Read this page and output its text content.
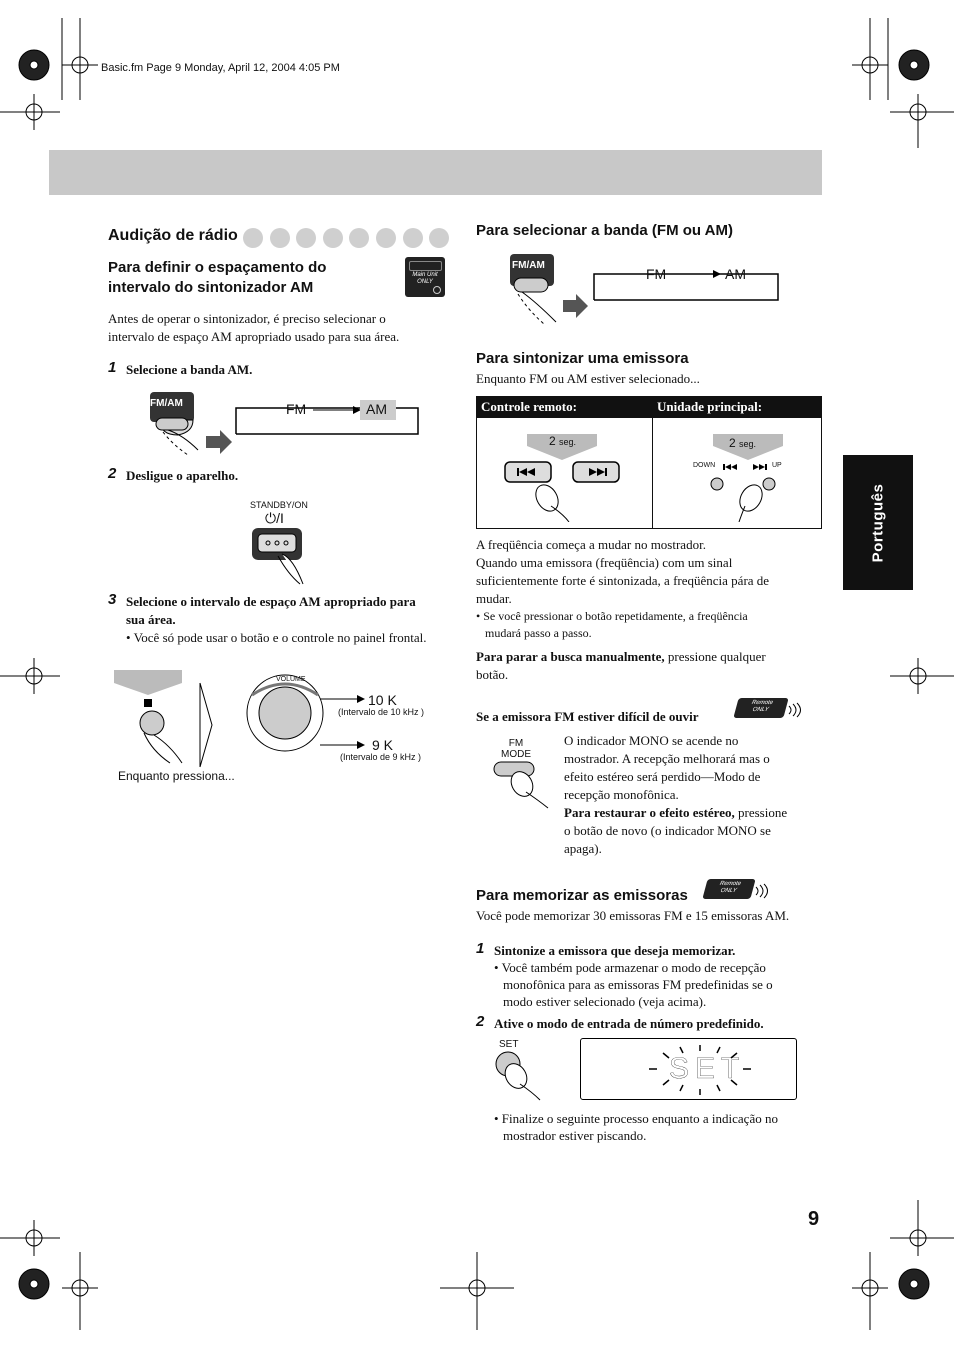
Basic.fm Page 9 Monday, April 12, 2004 4:05 PM
Português
Audição de rádio
Para definir o espaçamento do
intervalo do sintonizador AM
Main Unit
ONLY
Antes de operar o sintonizador, é preciso selecionar o
intervalo de espaço AM apropriado usado para sua área.
1 Selecione a banda AM.
FM/AM	FM	AM
2 Desligue o aparelho.
STANDBY/ON
⏻/I
3 Selecione o intervalo de espaço AM apropriado para
sua área.
• Você só pode usar o botão e o controle no painel frontal.
VOLUME
10 K
(Intervalo de 10 kHz )
9 K
(Intervalo de 9 kHz )
Enquanto pressiona...
Para selecionar a banda (FM ou AM)
FM/AM
FM	AM
Para sintonizar uma emissora
Enquanto FM ou AM estiver selecionado...
Controle remoto:	Unidade principal:

2 seg.	2 seg.
DOWN UP
A freqüência começa a mudar no mostrador.
Quando uma emissora (freqüência) com um sinal
suficientemente forte é sintonizada, a freqüência pára de
mudar.
• Se você pressionar o botão repetidamente, a freqüência
mudará passo a passo.
Para parar a busca manualmente, pressione qualquer
botão.
Se a emissora FM estiver difícil de ouvir
Remote
ONLY
FM
MODE
O indicador MONO se acende no
mostrador. A recepção melhorará mas o
efeito estéreo será perdido—Modo de
recepção monofônica.
Para restaurar o efeito estéreo, pressione
o botão de novo (o indicador MONO se
apaga).
Para memorizar as emissoras
Remote
ONLY
Você pode memorizar 30 emissoras FM e 15 emissoras AM.
1 Sintonize a emissora que deseja memorizar.
• Você também pode armazenar o modo de recepção
monofônica para as emissoras FM predefinidas se o
modo estiver selecionado (veja acima).
2 Ative o modo de entrada de número predefinido.
SET
SET
• Finalize o seguinte processo enquanto a indicação no
mostrador estiver piscando.
9
